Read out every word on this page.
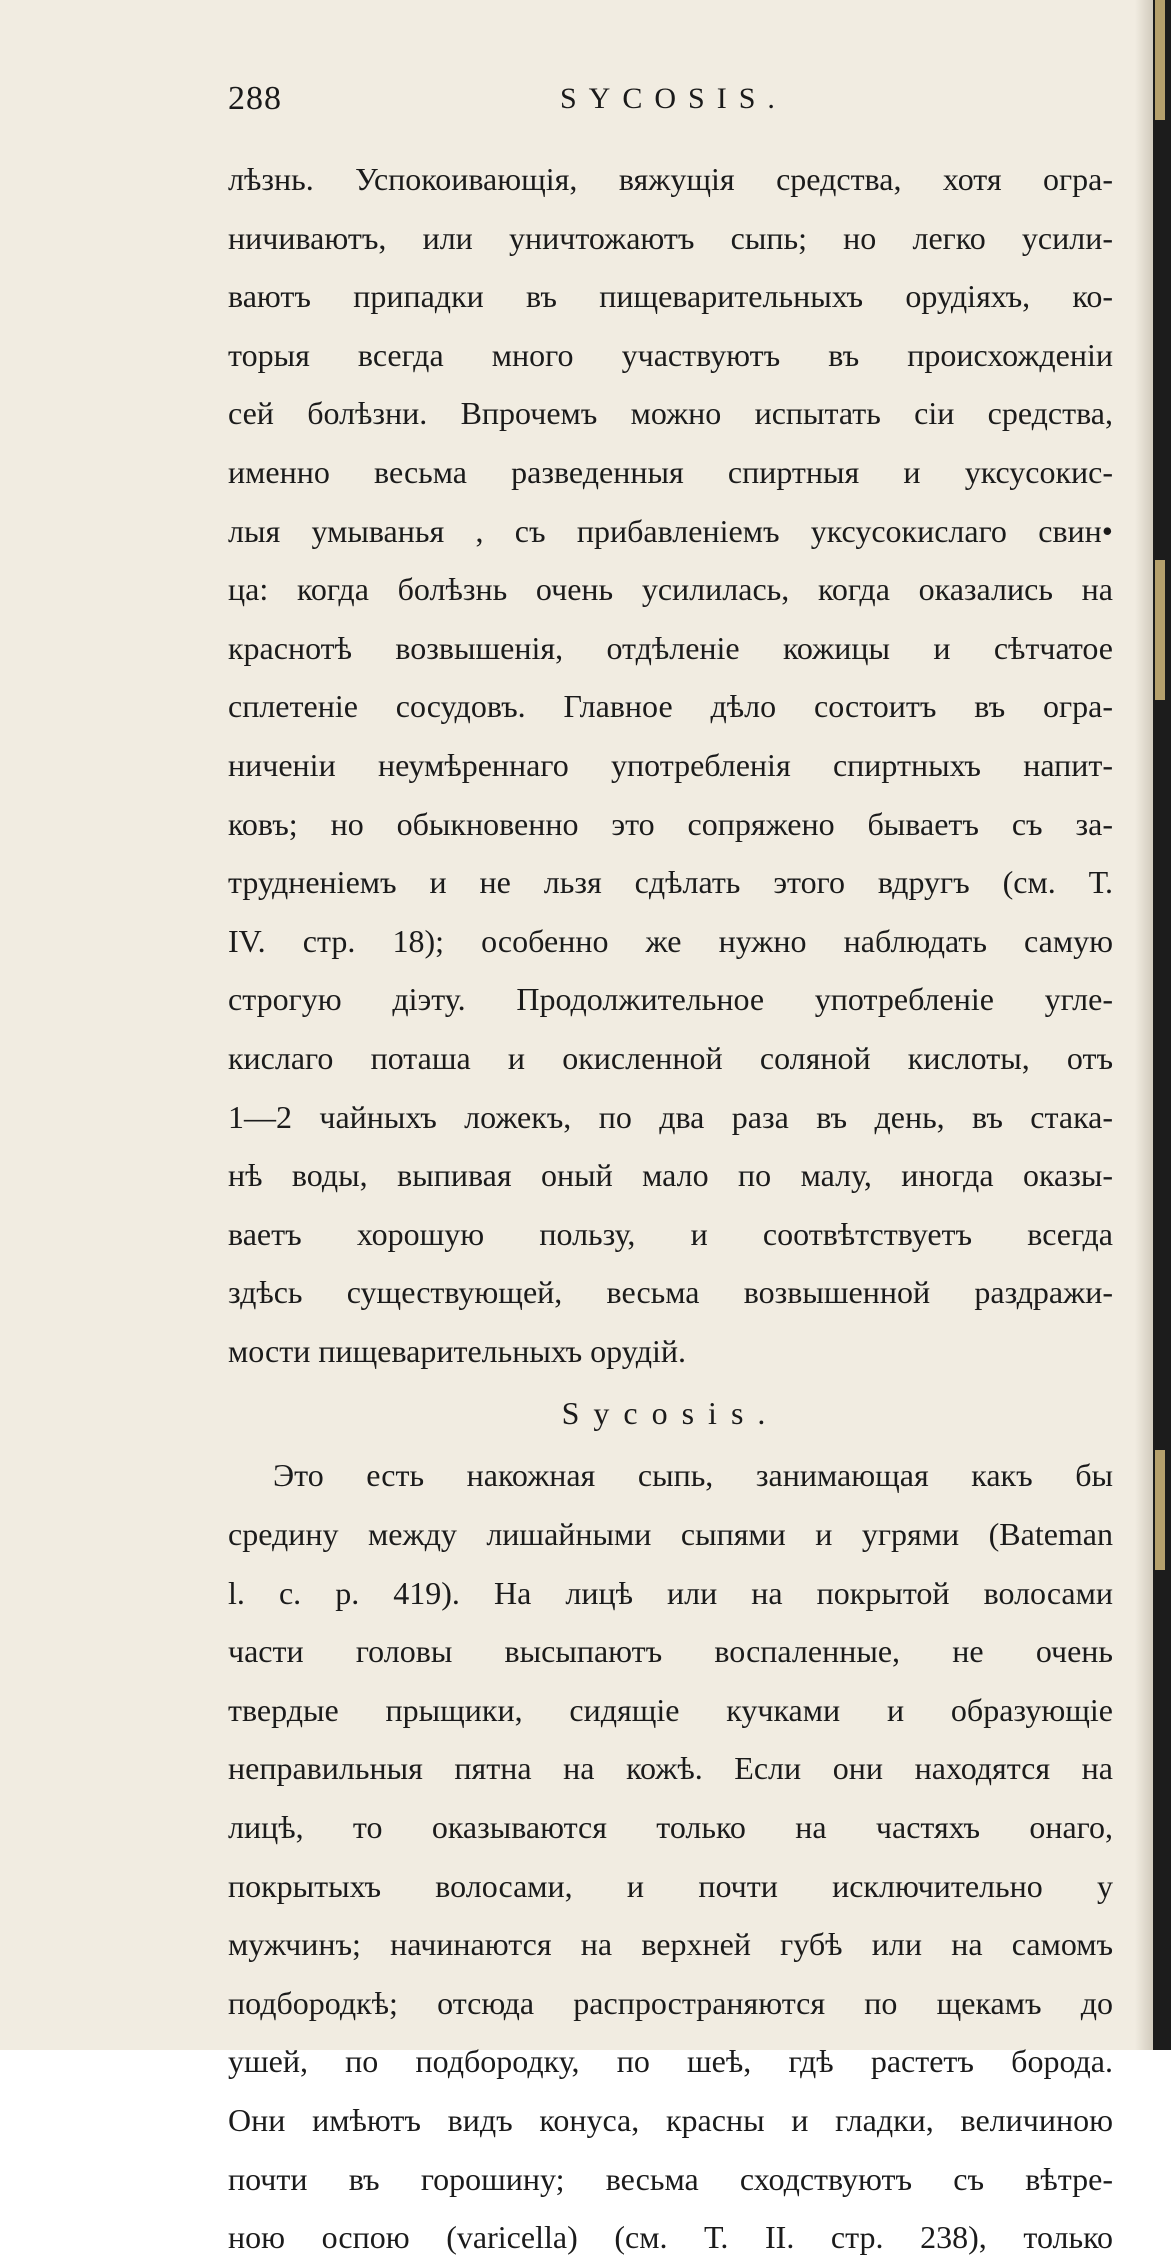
288	SYCOSIS.
лѣзнь. Успокоивающія, вяжущія средства, хотя огра-
ничиваютъ, или уничтожаютъ сыпь; но легко усили-
ваютъ припадки въ пищеварительныхъ орудіяхъ, ко-
торыя всегда много участвуютъ въ происхожденіи
сей болѣзни. Впрочемъ можно испытать сіи средства,
именно весьма разведенныя спиртныя и уксусокис-
лыя умыванья , съ прибавленіемъ уксусокислаго свин•
ца: когда болѣзнь очень усилилась, когда оказались на
краснотѣ возвышенія, отдѣленіе кожицы и сѣтчатое
сплетеніе сосудовъ. Главное дѣло состоитъ въ огра-
ниченіи неумѣреннаго употребленія спиртныхъ напит-
ковъ; но обыкновенно это сопряжено бываетъ съ за-
трудненіемъ и не льзя сдѣлать этого вдругъ (см. Т.
IV. стр. 18); особенно же нужно наблюдать самую
строгую діэту. Продолжительное употребленіе угле-
кислаго поташа и окисленной соляной кислоты, отъ
1—2 чайныхъ ложекъ, по два раза въ день, въ стака-
нѣ воды, выпивая оный мало по малу, иногда оказы-
ваетъ хорошую пользу, и соотвѣтствуетъ всегда
здѣсь существующей, весьма возвышенной раздражи-
мости пищеварительныхъ орудій.
Sycosis.
Это есть накожная сыпь, занимающая какъ бы
средину между лишайными сыпями и угрями (Bateman
l. c. p. 419). На лицѣ или на покрытой волосами
части головы высыпаютъ воспаленные, не очень
твердые прыщики, сидящіе кучками и образующіе
неправильныя пятна на кожѣ. Если они находятся на
лицѣ, то оказываются только на частяхъ онаго,
покрытыхъ волосами, и почти исключительно у
мужчинъ; начинаются на верхней губѣ или на самомъ
подбородкѣ; отсюда распространяются по щекамъ до
ушей, по подбородку, по шеѣ, гдѣ растетъ борода.
Они имѣютъ видъ конуса, красны и гладки, величиною
почти въ горошину; весьма сходствуютъ съ вѣтре-
ною оспою (varicella) (см. Т. II. стр. 238), только
